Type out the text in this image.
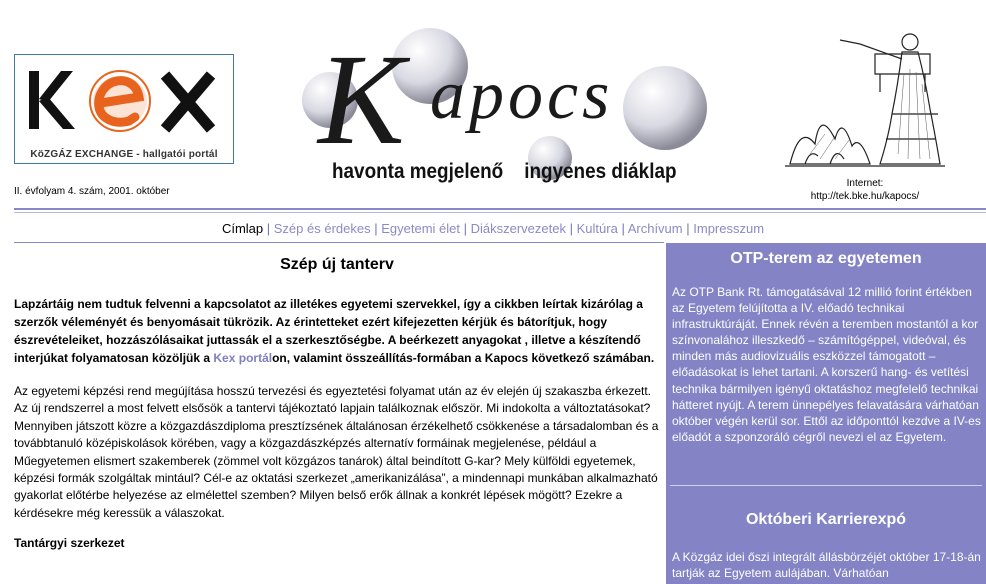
KöZGÁZ EXCHANGE - hallgatói portál K apocs
havonta megjelenő    ingyenes diáklap
II. évfolyam 4. szám, 2001. október
Internet:
http://tek.bke.hu/kapocs/
Címlap | Szép és érdekes | Egyetemi élet | Diákszervezetek | Kultúra | Archívum | Impresszum
Szép új tanterv

Lapzártáig nem tudtuk felvenni a kapcsolatot az illetékes egyetemi szervekkel, így a cikkben leírtak kizárólag a szerzők véleményét és benyomásait tükrözik. Az érintetteket ezért kifejezetten kérjük és bátorítjuk, hogy észrevételeiket, hozzászólásaikat juttassák el a szerkesztőségbe. A beérkezett anyagokat , illetve a készítendő interjúkat folyamatosan közöljük a Kex portálon, valamint összeállítás-formában a Kapocs következő számában.

Az egyetemi képzési rend megújítása hosszú tervezési és egyeztetési folyamat után az év elején új szakaszba érkezett. Az új rendszerrel a most felvett elsősök a tantervi tájékoztató lapjain találkoznak először. Mi indokolta a változtatásokat? Mennyiben játszott közre a közgazdászdiploma presztízsének általánosan érzékelhető csökkenése a társadalomban és a továbbtanuló középiskolások körében, vagy a közgazdászképzés alternatív formáinak megjelenése, például a Műegyetemen elismert szakemberek (zömmel volt közgázos tanárok) által beindított G-kar? Mely külföldi egyetemek, képzési formák szolgáltak mintául? Cél-e az oktatási szerkezet „amerikanizálása”, a mindennapi munkában alkalmazható gyakorlat előtérbe helyezése az elmélettel szemben? Milyen belső erők állnak a konkrét lépések mögött? Ezekre a kérdésekre még keressük a válaszokat.

Tantárgyi szerkezet

OTP-terem az egyetemen
Az OTP Bank Rt. támogatásával 12 millió forint értékben az Egyetem felújította a IV. előadó technikai infrastruktúráját. Ennek révén a teremben mostantól a kor színvonalához illeszkedő – számítógéppel, videóval, és minden más audiovizuális eszközzel támogatott – előadásokat is lehet tartani. A korszerű hang- és vetítési technika bármilyen igényű oktatáshoz megfelelő technikai hátteret nyújt. A terem ünnepélyes felavatására várhatóan október végén kerül sor. Ettől az időponttól kezdve a IV-es előadót a szponzoráló cégről nevezi el az Egyetem.
Októberi Karrierexpó
A Közgáz idei őszi integrált állásbörzéjét október 17-18-án tartják az Egyetem aulájában. Várhatóan
